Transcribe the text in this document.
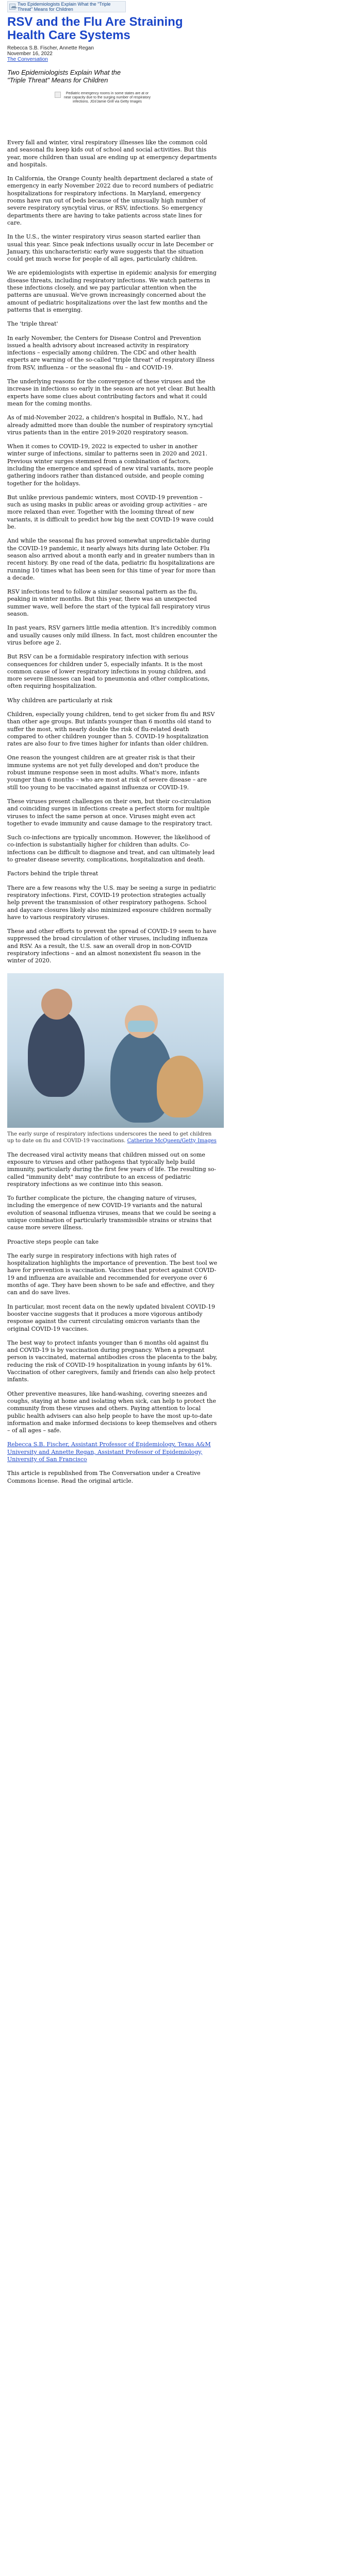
Two Epidemiologists Explain What the "Triple Threat" Means for Children
RSV and the Flu Are Straining Health Care Systems
Rebecca S.B. Fischer, Annette Regan
November 16, 2022
The Conversation
Two Epidemiologists Explain What the "Triple Threat" Means for Children
Pediatric emergency rooms in some states are at or near capacity due to the surging number of respiratory infections. JGI/Jamie Grill via Getty Images

Every fall and winter, viral respiratory illnesses like the common cold and seasonal flu keep kids out of school and social activities. But this year, more children than usual are ending up at emergency departments and hospitals.

In California, the Orange County health department declared a state of emergency in early November 2022 due to record numbers of pediatric hospitalizations for respiratory infections. In Maryland, emergency rooms have run out of beds because of the unusually high number of severe respiratory syncytial virus, or RSV, infections. So emergency departments there are having to take patients across state lines for care.

In the U.S., the winter respiratory virus season started earlier than usual this year. Since peak infections usually occur in late December or January, this uncharacteristic early wave suggests that the situation could get much worse for people of all ages, particularly children.

We are epidemiologists with expertise in epidemic analysis for emerging disease threats, including respiratory infections. We watch patterns in these infections closely, and we pay particular attention when the patterns are unusual. We've grown increasingly concerned about the amount of pediatric hospitalizations over the last few months and the patterns that is emerging.

The 'triple threat'

In early November, the Centers for Disease Control and Prevention issued a health advisory about increased activity in respiratory infections – especially among children. The CDC and other health experts are warning of the so-called "triple threat" of respiratory illness from RSV, influenza – or the seasonal flu – and COVID-19.

The underlying reasons for the convergence of these viruses and the increase in infections so early in the season are not yet clear. But health experts have some clues about contributing factors and what it could mean for the coming months.

As of mid-November 2022, a children's hospital in Buffalo, N.Y., had already admitted more than double the number of respiratory syncytial virus patients than in the entire 2019-2020 respiratory season.

When it comes to COVID-19, 2022 is expected to usher in another winter surge of infections, similar to patterns seen in 2020 and 2021. Previous winter surges stemmed from a combination of factors, including the emergence and spread of new viral variants, more people gathering indoors rather than distanced outside, and people coming together for the holidays.

But unlike previous pandemic winters, most COVID-19 prevention – such as using masks in public areas or avoiding group activities – are more relaxed than ever. Together with the looming threat of new variants, it is difficult to predict how big the next COVID-19 wave could be.

And while the seasonal flu has proved somewhat unpredictable during the COVID-19 pandemic, it nearly always hits during late October. Flu season also arrived about a month early and in greater numbers than in recent history. By one read of the data, pediatric flu hospitalizations are running 10 times what has been seen for this time of year for more than a decade.

RSV infections tend to follow a similar seasonal pattern as the flu, peaking in winter months. But this year, there was an unexpected summer wave, well before the start of the typical fall respiratory virus season.

In past years, RSV garners little media attention. It's incredibly common and usually causes only mild illness. In fact, most children encounter the virus before age 2.

But RSV can be a formidable respiratory infection with serious consequences for children under 5, especially infants. It is the most common cause of lower respiratory infections in young children, and more severe illnesses can lead to pneumonia and other complications, often requiring hospitalization.

Why children are particularly at risk

Children, especially young children, tend to get sicker from flu and RSV than other age groups. But infants younger than 6 months old stand to suffer the most, with nearly double the risk of flu-related death compared to other children younger than 5. COVID-19 hospitalization rates are also four to five times higher for infants than older children.

One reason the youngest children are at greater risk is that their immune systems are not yet fully developed and don't produce the robust immune response seen in most adults. What's more, infants younger than 6 months – who are most at risk of severe disease – are still too young to be vaccinated against influenza or COVID-19.

These viruses present challenges on their own, but their co-circulation and coinciding surges in infections create a perfect storm for multiple viruses to infect the same person at once. Viruses might even act together to evade immunity and cause damage to the respiratory tract.

Such co-infections are typically uncommon. However, the likelihood of co-infection is substantially higher for children than adults. Co-infections can be difficult to diagnose and treat, and can ultimately lead to greater disease severity, complications, hospitalization and death.

Factors behind the triple threat

There are a few reasons why the U.S. may be seeing a surge in pediatric respiratory infections. First, COVID-19 protection strategies actually help prevent the transmission of other respiratory pathogens. School and daycare closures likely also minimized exposure children normally have to various respiratory viruses.

These and other efforts to prevent the spread of COVID-19 seem to have suppressed the broad circulation of other viruses, including influenza and RSV. As a result, the U.S. saw an overall drop in non-COVID respiratory infections – and an almost nonexistent flu season in the winter of 2020.

The early surge of respiratory infections underscores the need to get children up to date on flu and COVID-19 vaccinations. Catherine McQueen/Getty Images

The decreased viral activity means that children missed out on some exposure to viruses and other pathogens that typically help build immunity, particularly during the first few years of life. The resulting so-called "immunity debt" may contribute to an excess of pediatric respiratory infections as we continue into this season.

To further complicate the picture, the changing nature of viruses, including the emergence of new COVID-19 variants and the natural evolution of seasonal influenza viruses, means that we could be seeing a unique combination of particularly transmissible strains or strains that cause more severe illness.

Proactive steps people can take

The early surge in respiratory infections with high rates of hospitalization highlights the importance of prevention. The best tool we have for prevention is vaccination. Vaccines that protect against COVID-19 and influenza are available and recommended for everyone over 6 months of age. They have been shown to be safe and effective, and they can and do save lives.

In particular, most recent data on the newly updated bivalent COVID-19 booster vaccine suggests that it produces a more vigorous antibody response against the current circulating omicron variants than the original COVID-19 vaccines.

The best way to protect infants younger than 6 months old against flu and COVID-19 is by vaccination during pregnancy. When a pregnant person is vaccinated, maternal antibodies cross the placenta to the baby, reducing the risk of COVID-19 hospitalization in young infants by 61%. Vaccination of other caregivers, family and friends can also help protect infants.

Other preventive measures, like hand-washing, covering sneezes and coughs, staying at home and isolating when sick, can help to protect the community from these viruses and others. Paying attention to local public health advisers can also help people to have the most up-to-date information and make informed decisions to keep themselves and others – of all ages – safe.

Rebecca S.B. Fischer, Assistant Professor of Epidemiology, Texas A&M University and Annette Regan, Assistant Professor of Epidemiology, University of San Francisco

This article is republished from The Conversation under a Creative Commons license. Read the original article.
